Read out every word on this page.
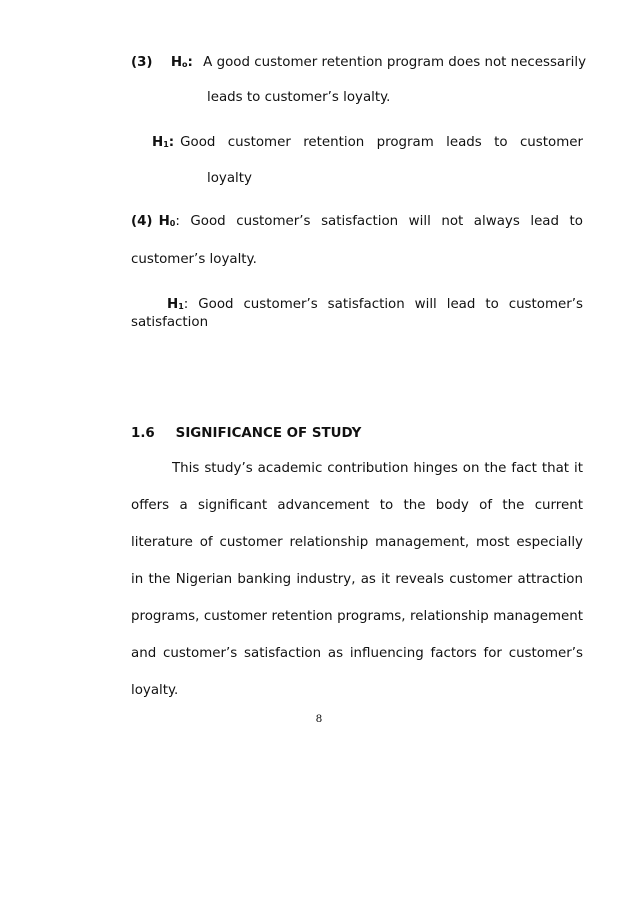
(3) $H_o$: A good customer retention program does not necessarily
leads to customer’s loyalty.
$H_1$: Good customer retention program leads to customer
loyalty
(4) $H_0$ : Good customer’s satisfaction will not always lead to
customer’s loyalty.
$H_1$ : Good customer’s satisfaction will lead to customer’s
satisfaction
1.6 SIGNIFICANCE OF STUDY
This study’s academic contribution hinges on the fact that it
offers a significant advancement to the body of the current
literature of customer relationship management, most especially
in the Nigerian banking industry, as it reveals customer attraction
programs, customer retention programs, relationship management
and customer’s satisfaction as influencing factors for customer’s
loyalty.
8
